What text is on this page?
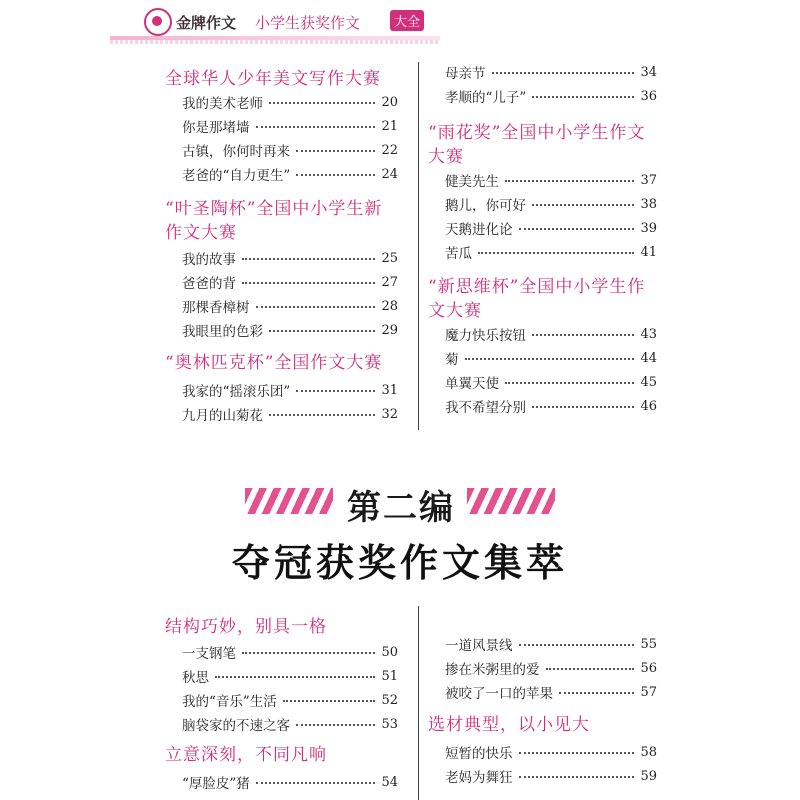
金牌作文 小学生获奖作文	大全
全球华人少年美文写作大赛
我的美术老师	20
你是那堵墙	21
古镇，你何时再来	22
老爸的“自力更生”	24
“叶圣陶杯”全国中小学生新
作文大赛
我的故事	25
爸爸的背	27
那棵香樟树	28
我眼里的色彩	29
“奥林匹克杯”全国作文大赛
我家的“摇滚乐团”	31
九月的山菊花	32
母亲节	34
孝顺的“儿子”	36
“雨花奖”全国中小学生作文
大赛
健美先生	37
鹅儿，你可好	38
天鹅进化论	39
苦瓜	41
“新思维杯”全国中小学生作
文大赛
魔力快乐按钮	43
菊	44
单翼天使	45
我不希望分别	46
第二编
夺冠获奖作文集萃
结构巧妙，别具一格
一支钢笔	50
秋思	51
我的“音乐”生活	52
脑袋家的不速之客	53
立意深刻，不同凡响
“厚脸皮”猪	54
一道风景线	55
掺在米粥里的爱	56
被咬了一口的苹果	57
选材典型，以小见大
短暂的快乐	58
老妈为舞狂	59
